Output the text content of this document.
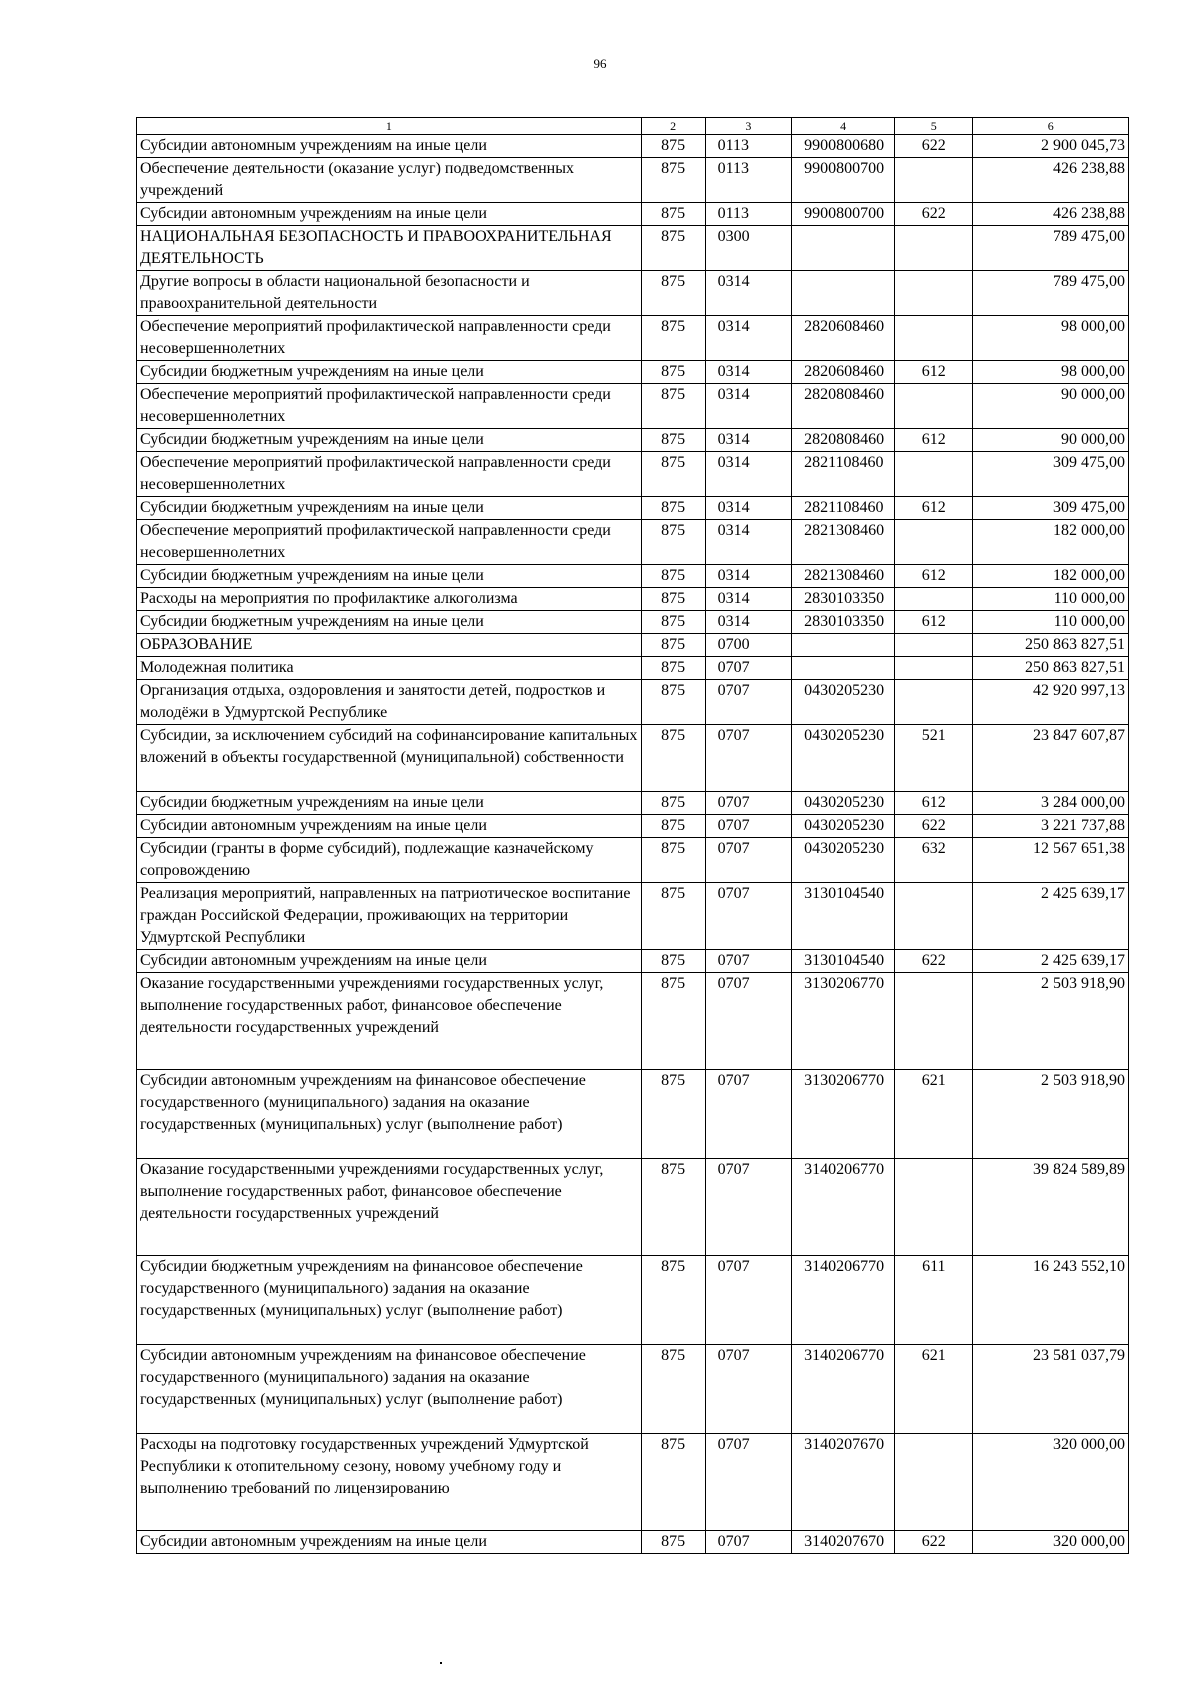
96
1	2	3	4	5	6
Субсидии автономным учреждениям на иные цели	875	0113	9900800680	622	2 900 045,73
Обеспечение деятельности (оказание услуг) подведомственных учреждений	875	0113	9900800700		426 238,88
Субсидии автономным учреждениям на иные цели	875	0113	9900800700	622	426 238,88
НАЦИОНАЛЬНАЯ БЕЗОПАСНОСТЬ И ПРАВООХРАНИТЕЛЬНАЯ ДЕЯТЕЛЬНОСТЬ	875	0300			789 475,00
Другие вопросы в области национальной безопасности и правоохранительной деятельности	875	0314			789 475,00
Обеспечение мероприятий профилактической направленности среди несовершеннолетних	875	0314	2820608460		98 000,00
Субсидии бюджетным учреждениям на иные цели	875	0314	2820608460	612	98 000,00
Обеспечение мероприятий профилактической направленности среди несовершеннолетних	875	0314	2820808460		90 000,00
Субсидии бюджетным учреждениям на иные цели	875	0314	2820808460	612	90 000,00
Обеспечение мероприятий профилактической направленности среди несовершеннолетних	875	0314	2821108460		309 475,00
Субсидии бюджетным учреждениям на иные цели	875	0314	2821108460	612	309 475,00
Обеспечение мероприятий профилактической направленности среди несовершеннолетних	875	0314	2821308460		182 000,00
Субсидии бюджетным учреждениям на иные цели	875	0314	2821308460	612	182 000,00
Расходы на мероприятия по профилактике алкоголизма	875	0314	2830103350		110 000,00
Субсидии бюджетным учреждениям на иные цели	875	0314	2830103350	612	110 000,00
ОБРАЗОВАНИЕ	875	0700			250 863 827,51
Молодежная политика	875	0707			250 863 827,51
Организация отдыха, оздоровления и занятости детей, подростков и молодёжи в Удмуртской Республике	875	0707	0430205230		42 920 997,13
Субсидии, за исключением субсидий на софинансирование капитальных вложений в объекты государственной (муниципальной) собственности	875	0707	0430205230	521	23 847 607,87
Субсидии бюджетным учреждениям на иные цели	875	0707	0430205230	612	3 284 000,00
Субсидии автономным учреждениям на иные цели	875	0707	0430205230	622	3 221 737,88
Субсидии (гранты в форме субсидий), подлежащие казначейскому сопровождению	875	0707	0430205230	632	12 567 651,38
Реализация мероприятий, направленных на патриотическое воспитание граждан Российской Федерации, проживающих на территории Удмуртской Республики	875	0707	3130104540		2 425 639,17
Субсидии автономным учреждениям на иные цели	875	0707	3130104540	622	2 425 639,17
Оказание государственными учреждениями государственных услуг, выполнение государственных работ, финансовое обеспечение деятельности государственных учреждений	875	0707	3130206770		2 503 918,90
Субсидии автономным учреждениям на финансовое обеспечение государственного (муниципального) задания на оказание государственных (муниципальных) услуг (выполнение работ)	875	0707	3130206770	621	2 503 918,90
Оказание государственными учреждениями государственных услуг, выполнение государственных работ, финансовое обеспечение деятельности государственных учреждений	875	0707	3140206770		39 824 589,89
Субсидии бюджетным учреждениям на финансовое обеспечение государственного (муниципального) задания на оказание государственных (муниципальных) услуг (выполнение работ)	875	0707	3140206770	611	16 243 552,10
Субсидии автономным учреждениям на финансовое обеспечение государственного (муниципального) задания на оказание государственных (муниципальных) услуг (выполнение работ)	875	0707	3140206770	621	23 581 037,79
Расходы на подготовку государственных учреждений Удмуртской Республики к отопительному сезону, новому учебному году и выполнению требований по лицензированию	875	0707	3140207670		320 000,00
Субсидии автономным учреждениям на иные цели	875	0707	3140207670	622	320 000,00
